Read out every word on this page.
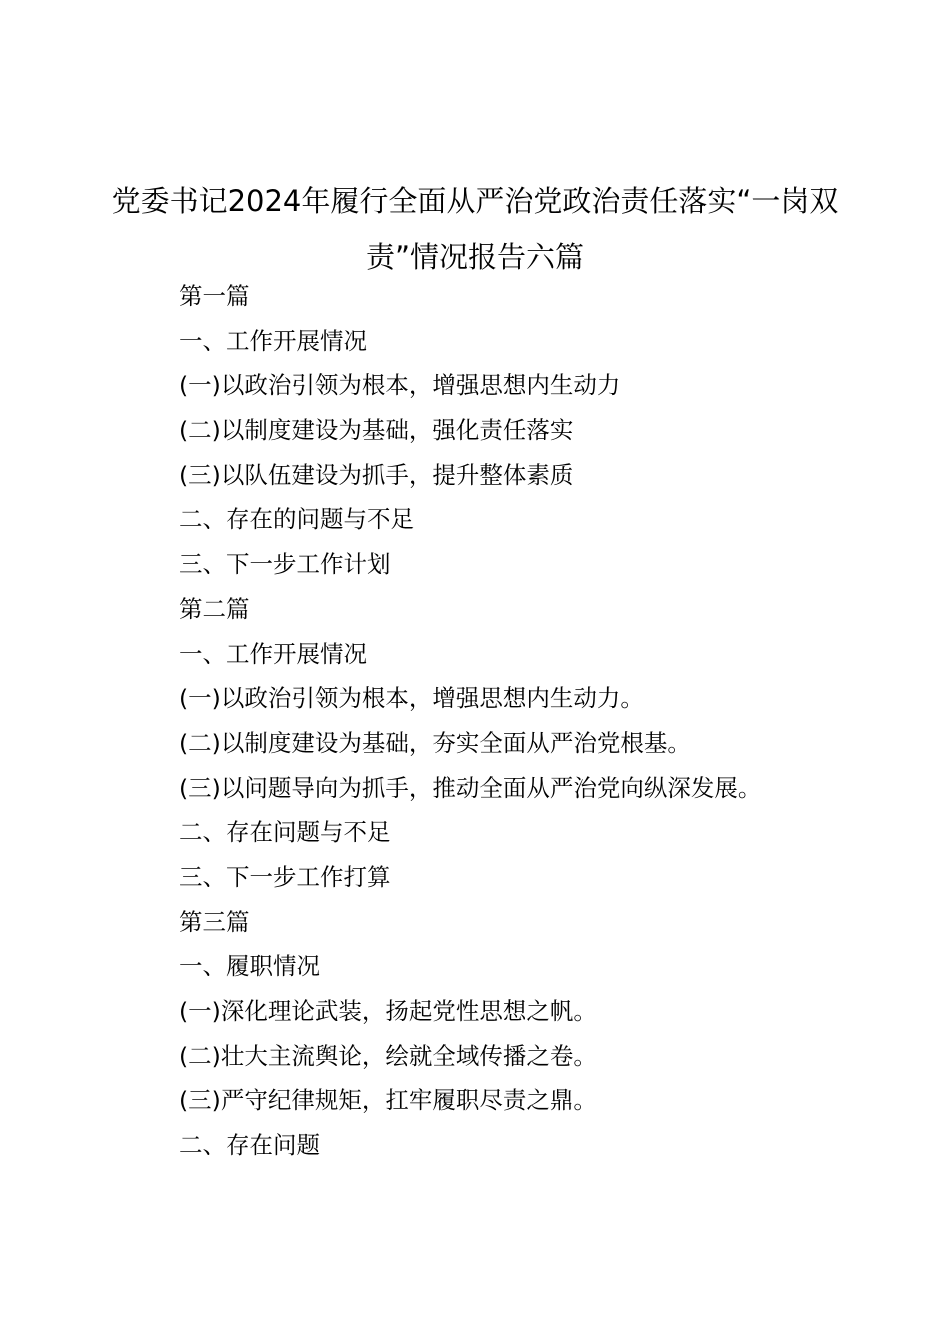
党委书记2024年履行全面从严治党政治责任落实“一岗双责”情况报告六篇
第一篇
一、工作开展情况
(一)以政治引领为根本，增强思想内生动力
(二)以制度建设为基础，强化责任落实
(三)以队伍建设为抓手，提升整体素质
二、存在的问题与不足
三、下一步工作计划
第二篇
一、工作开展情况
(一)以政治引领为根本，增强思想内生动力。
(二)以制度建设为基础，夯实全面从严治党根基。
(三)以问题导向为抓手，推动全面从严治党向纵深发展。
二、存在问题与不足
三、下一步工作打算
第三篇
一、履职情况
(一)深化理论武装，扬起党性思想之帆。
(二)壮大主流舆论，绘就全域传播之卷。
(三)严守纪律规矩，扛牢履职尽责之鼎。
二、存在问题
